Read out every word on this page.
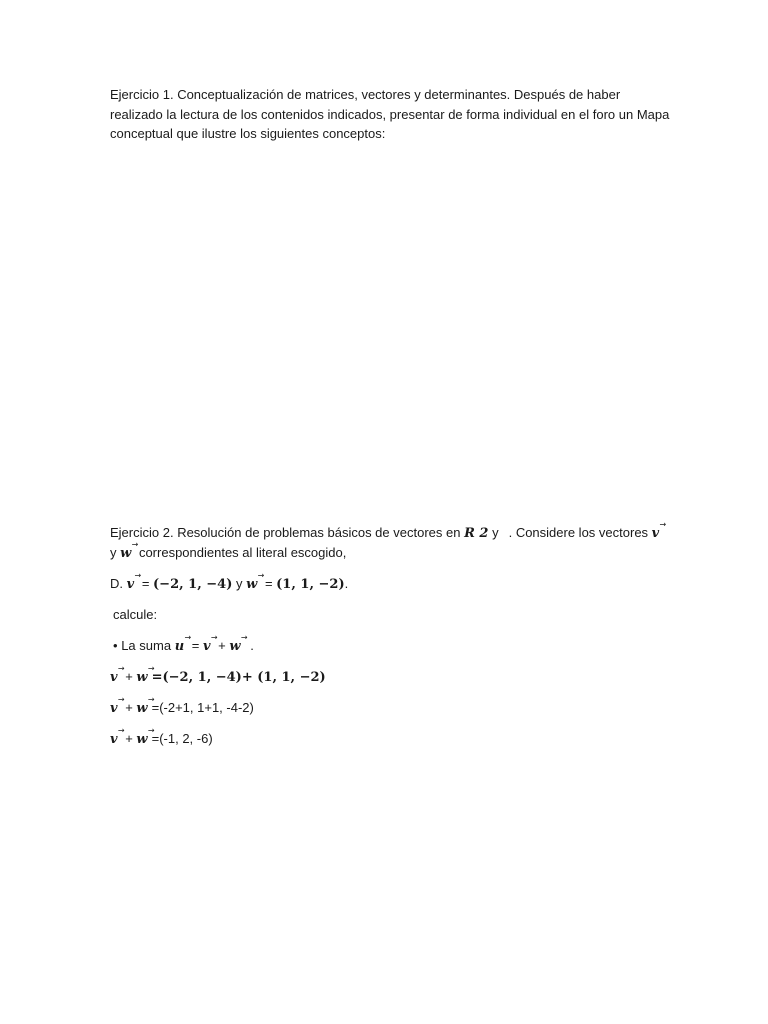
Ejercicio 1. Conceptualización de matrices, vectores y determinantes. Después de haber realizado la lectura de los contenidos indicados, presentar de forma individual en el foro un Mapa conceptual que ilustre los siguientes conceptos:
Ejercicio 2. Resolución de problemas básicos de vectores en R 2 y . Considere los vectores v
→
y w
→
correspondientes al literal escogido,
D. v
→
= (−2, 1, −4) y w
→
= (1, 1, −2).
calcule:
• La suma u
→
= v
→
+ w
→
.
v
→
+ w
→
=(−2, 1, −4)+ (1, 1, −2)
v
→
+ w
→
=(-2+1, 1+1, -4-2)
v
→
+ w
→
=(-1, 2, -6)
